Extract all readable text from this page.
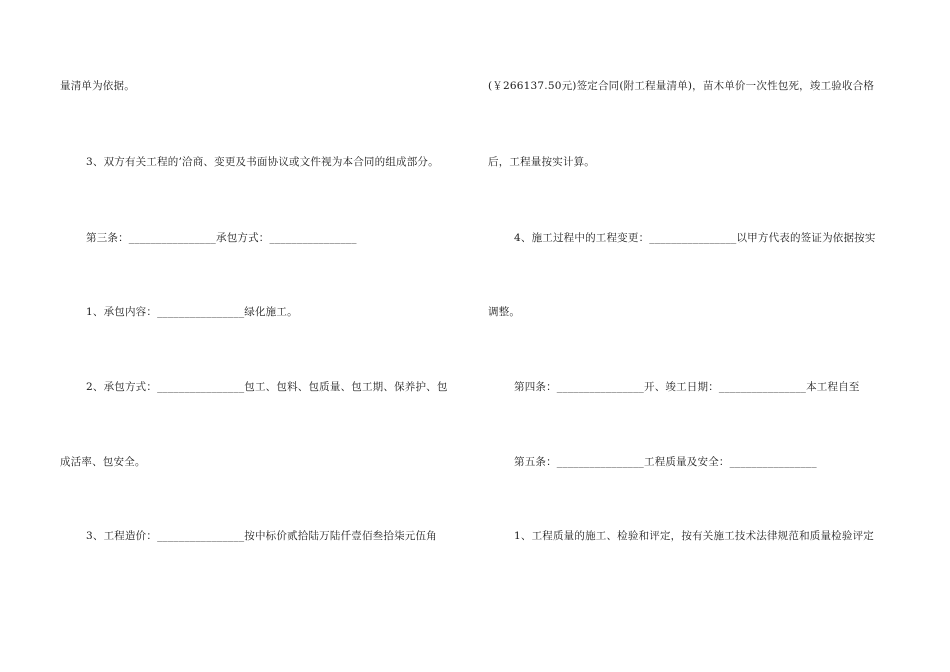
量清单为依据。
3、双方有关工程的’洽商、变更及书面协议或文件视为本合同的组成部分。
第三条：________________承包方式：________________
1、承包内容：________________绿化施工。
2、承包方式：________________包工、包料、包质量、包工期、保养护、包
成活率、包安全。
3、工程造价：________________按中标价贰拾陆万陆仟壹佰叁拾柒元伍角
(￥266137.50元)签定合同(附工程量清单)，苗木单价一次性包死，竣工验收合格
后，工程量按实计算。
4、施工过程中的工程变更：________________以甲方代表的签证为依据按实
调整。
第四条：________________开、竣工日期：________________本工程自至
第五条：________________工程质量及安全：________________
1、工程质量的施工、检验和评定，按有关施工技术法律规范和质量检验评定
